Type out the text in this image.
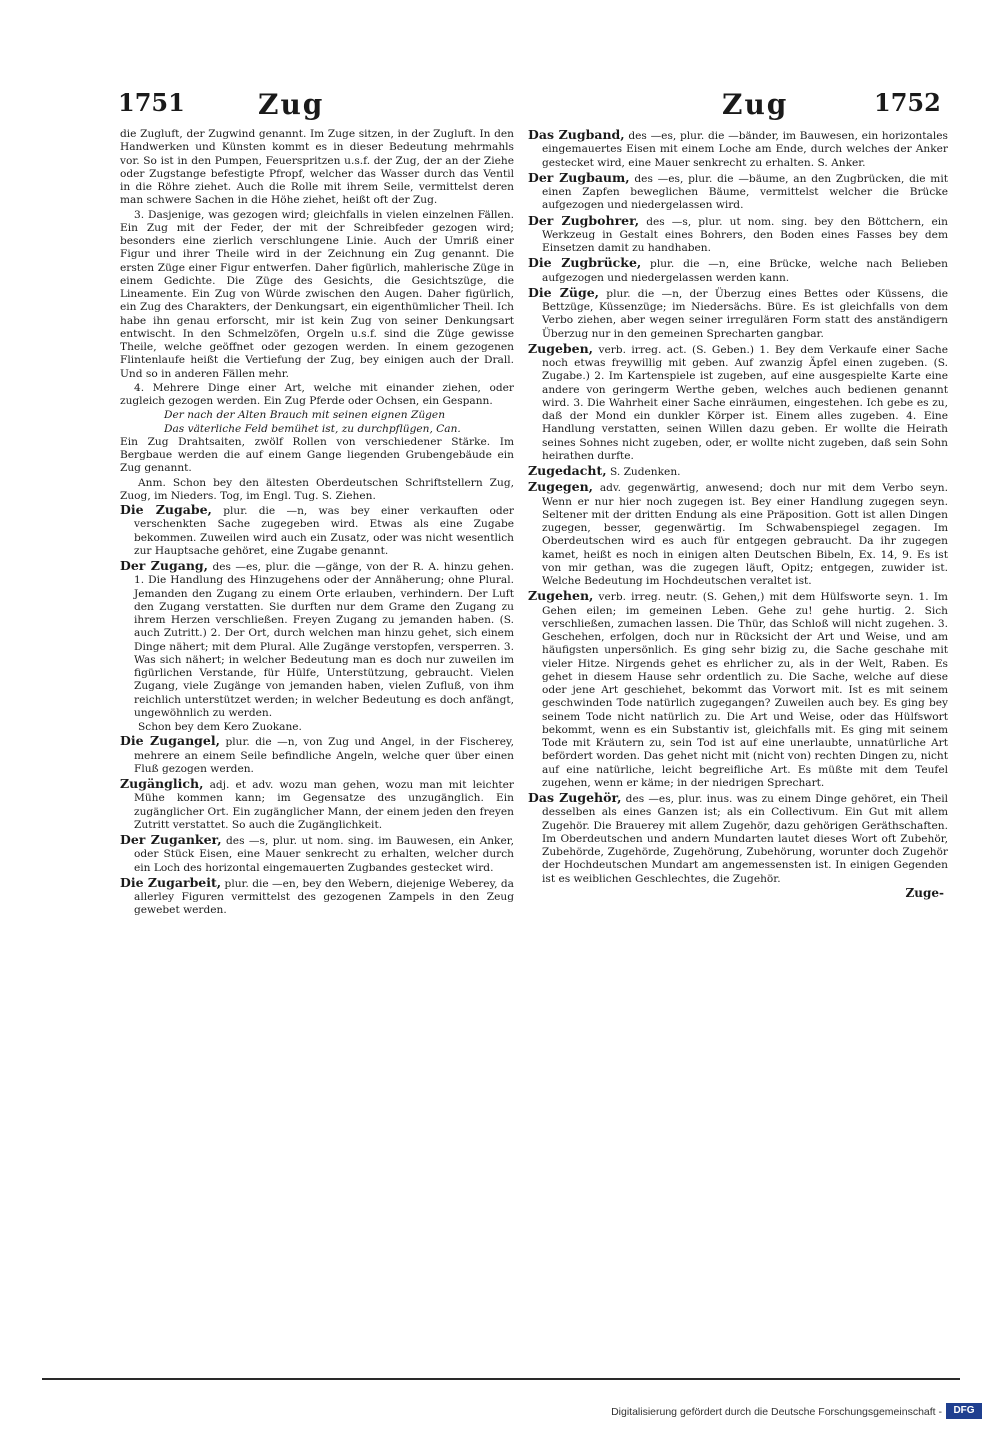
1751	Zug	Zug	1752
die Zugluft, der Zugwind genannt. Im Zuge sitzen, in der Zugluft. In den Handwerken und Künsten kommt es in dieser Bedeutung mehrmahls vor. So ist in den Pumpen, Feuerspritzen u.s.f. der Zug, der an der Ziehe oder Zugstange befestigte Pfropf, welcher das Wasser durch das Ventil in die Röhre ziehet. Auch die Rolle mit ihrem Seile, vermittelst deren man schwere Sachen in die Höhe ziehet, heißt oft der Zug.
3. Dasjenige, was gezogen wird; gleichfalls in vielen einzelnen Fällen. Ein Zug mit der Feder, der mit der Schreibfeder gezogen wird; besonders eine zierlich verschlungene Linie. Auch der Umriß einer Figur und ihrer Theile wird in der Zeichnung ein Zug genannt. Die ersten Züge einer Figur entwerfen. Daher figürlich, mahlerische Züge in einem Gedichte. Die Züge des Gesichts, die Gesichtszüge, die Lineamente. Ein Zug von Würde zwischen den Augen. Daher figürlich, ein Zug des Charakters, der Denkungsart, ein eigenthümlicher Theil. Ich habe ihn genau erforscht, mir ist kein Zug von seiner Denkungsart entwischt. In den Schmelzöfen, Orgeln u.s.f. sind die Züge gewisse Theile, welche geöffnet oder gezogen werden. In einem gezogenen Flintenlaufe heißt die Vertiefung der Zug, bey einigen auch der Drall. Und so in anderen Fällen mehr.
4. Mehrere Dinge einer Art, welche mit einander ziehen, oder zugleich gezogen werden. Ein Zug Pferde oder Ochsen, ein Gespann.
Der nach der Alten Brauch mit seinen eignen Zügen
Das väterliche Feld bemühet ist, zu durchpflügen, Can.
Ein Zug Drahtsaiten, zwölf Rollen von verschiedener Stärke. Im Bergbaue werden die auf einem Gange liegenden Grubengebäude ein Zug genannt.
Anm. Schon bey den ältesten Oberdeutschen Schriftstellern Zug, Zuog, im Nieders. Tog, im Engl. Tug. S. Ziehen.
Die Zugabe, plur. die —n, was bey einer verkauften oder verschenkten Sache zugegeben wird. Etwas als eine Zugabe bekommen. Zuweilen wird auch ein Zusatz, oder was nicht wesentlich zur Hauptsache gehöret, eine Zugabe genannt.
Der Zugang, des —es, plur. die —gänge, von der R. A. hinzu gehen. 1. Die Handlung des Hinzugehens oder der Annäherung; ohne Plural. Jemanden den Zugang zu einem Orte erlauben, verhindern. Der Luft den Zugang verstatten. Sie durften nur dem Grame den Zugang zu ihrem Herzen verschließen. Freyen Zugang zu jemanden haben. (S. auch Zutritt.) 2. Der Ort, durch welchen man hinzu gehet, sich einem Dinge nähert; mit dem Plural. Alle Zugänge verstopfen, versperren. 3. Was sich nähert; in welcher Bedeutung man es doch nur zuweilen im figürlichen Verstande, für Hülfe, Unterstützung, gebraucht. Vielen Zugang, viele Zugänge von jemanden haben, vielen Zufluß, von ihm reichlich unterstützet werden; in welcher Bedeutung es doch anfängt, ungewöhnlich zu werden.
Schon bey dem Kero Zuokane.
Die Zugangel, plur. die —n, von Zug und Angel, in der Fischerey, mehrere an einem Seile befindliche Angeln, welche quer über einen Fluß gezogen werden.
Zugänglich, adj. et adv. wozu man gehen, wozu man mit leichter Mühe kommen kann; im Gegensatze des unzugänglich. Ein zugänglicher Ort. Ein zugänglicher Mann, der einem jeden den freyen Zutritt verstattet. So auch die Zugänglichkeit.
Der Zuganker, des —s, plur. ut nom. sing. im Bauwesen, ein Anker, oder Stück Eisen, eine Mauer senkrecht zu erhalten, welcher durch ein Loch des horizontal eingemauerten Zugbandes gestecket wird.
Die Zugarbeit, plur. die —en, bey den Webern, diejenige Weberey, da allerley Figuren vermittelst des gezogenen Zampels in den Zeug gewebet werden.
Das Zugband, des —es, plur. die —bänder, im Bauwesen, ein horizontales eingemauertes Eisen mit einem Loche am Ende, durch welches der Anker gestecket wird, eine Mauer senkrecht zu erhalten. S. Anker.
Der Zugbaum, des —es, plur. die —bäume, an den Zugbrücken, die mit einen Zapfen beweglichen Bäume, vermittelst welcher die Brücke aufgezogen und niedergelassen wird.
Der Zugbohrer, des —s, plur. ut nom. sing. bey den Böttchern, ein Werkzeug in Gestalt eines Bohrers, den Boden eines Fasses bey dem Einsetzen damit zu handhaben.
Die Zugbrücke, plur. die —n, eine Brücke, welche nach Belieben aufgezogen und niedergelassen werden kann.
Die Züge, plur. die —n, der Überzug eines Bettes oder Küssens, die Bettzüge, Küssenzüge; im Niedersächs. Büre. Es ist gleichfalls von dem Verbo ziehen, aber wegen seiner irregulären Form statt des anständigern Überzug nur in den gemeinen Sprecharten gangbar.
Zugeben, verb. irreg. act. (S. Geben.) 1. Bey dem Verkaufe einer Sache noch etwas freywillig mit geben. Auf zwanzig Äpfel einen zugeben. (S. Zugabe.) 2. Im Kartenspiele ist zugeben, auf eine ausgespielte Karte eine andere von geringerm Werthe geben, welches auch bedienen genannt wird. 3. Die Wahrheit einer Sache einräumen, eingestehen. Ich gebe es zu, daß der Mond ein dunkler Körper ist. Einem alles zugeben. 4. Eine Handlung verstatten, seinen Willen dazu geben. Er wollte die Heirath seines Sohnes nicht zugeben, oder, er wollte nicht zugeben, daß sein Sohn heirathen durfte.
Zugedacht, S. Zudenken.
Zugegen, adv. gegenwärtig, anwesend; doch nur mit dem Verbo seyn. Wenn er nur hier noch zugegen ist. Bey einer Handlung zugegen seyn. Seltener mit der dritten Endung als eine Präposition. Gott ist allen Dingen zugegen, besser, gegenwärtig. Im Schwabenspiegel zegagen. Im Oberdeutschen wird es auch für entgegen gebraucht. Da ihr zugegen kamet, heißt es noch in einigen alten Deutschen Bibeln, Ex. 14, 9. Es ist von mir gethan, was die zugegen läuft, Opitz; entgegen, zuwider ist. Welche Bedeutung im Hochdeutschen veraltet ist.
Zugehen, verb. irreg. neutr. (S. Gehen,) mit dem Hülfsworte seyn. 1. Im Gehen eilen; im gemeinen Leben. Gehe zu! gehe hurtig. 2. Sich verschließen, zumachen lassen. Die Thür, das Schloß will nicht zugehen. 3. Geschehen, erfolgen, doch nur in Rücksicht der Art und Weise, und am häufigsten unpersönlich. Es ging sehr bizig zu, die Sache geschahe mit vieler Hitze. Nirgends gehet es ehrlicher zu, als in der Welt, Raben. Es gehet in diesem Hause sehr ordentlich zu. Die Sache, welche auf diese oder jene Art geschiehet, bekommt das Vorwort mit. Ist es mit seinem geschwinden Tode natürlich zugegangen? Zuweilen auch bey. Es ging bey seinem Tode nicht natürlich zu. Die Art und Weise, oder das Hülfswort bekommt, wenn es ein Substantiv ist, gleichfalls mit. Es ging mit seinem Tode mit Kräutern zu, sein Tod ist auf eine unerlaubte, unnatürliche Art befördert worden. Das gehet nicht mit (nicht von) rechten Dingen zu, nicht auf eine natürliche, leicht begreifliche Art. Es müßte mit dem Teufel zugehen, wenn er käme; in der niedrigen Sprechart.
Das Zugehör, des —es, plur. inus. was zu einem Dinge gehöret, ein Theil desselben als eines Ganzen ist; als ein Collectivum. Ein Gut mit allem Zugehör. Die Brauerey mit allem Zugehör, dazu gehörigen Geräthschaften. Im Oberdeutschen und andern Mundarten lautet dieses Wort oft Zubehör, Zubehörde, Zugehörde, Zugehörung, Zubehörung, worunter doch Zugehör der Hochdeutschen Mundart am angemessensten ist. In einigen Gegenden ist es weiblichen Geschlechtes, die Zugehör.
Zuge-
Digitalisierung gefördert durch die Deutsche Forschungsgemeinschaft -	DFG
